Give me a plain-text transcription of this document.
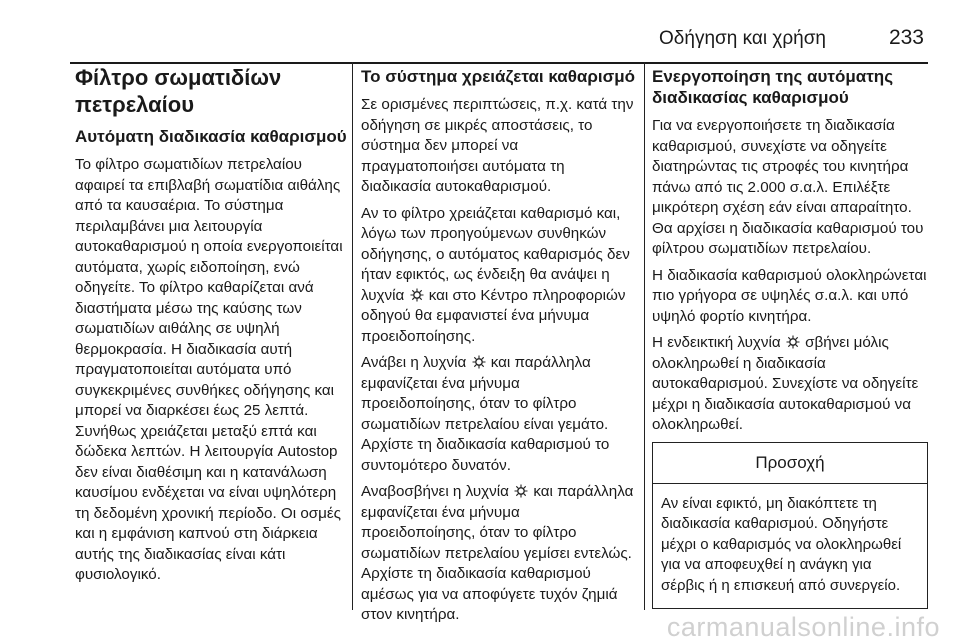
Οδήγηση και χρήση	233
Φίλτρο σωματιδίων
πετρελαίου
Αυτόματη διαδικασία καθαρισμού

Το φίλτρο σωματιδίων πετρελαίου αφαιρεί τα επιβλαβή σωματίδια αιθάλης από τα καυσαέρια. Το σύστημα περιλαμβάνει μια λειτουργία αυτοκαθαρισμού η οποία ενεργοποιείται αυτόματα, χωρίς ειδοποίηση, ενώ οδηγείτε. Το φίλτρο καθαρίζεται ανά διαστήματα μέσω της καύσης των σωματιδίων αιθάλης σε υψηλή θερμοκρασία. Η διαδικασία αυτή πραγματοποιείται αυτόματα υπό συγκεκριμένες συνθήκες οδήγησης και μπορεί να διαρκέσει έως 25 λεπτά. Συνήθως χρειάζεται μεταξύ επτά και δώδεκα λεπτών. Η λειτουργία Autostop δεν είναι διαθέσιμη και η κατανάλωση καυσίμου ενδέχεται να είναι υψηλότερη τη δεδομένη χρονική περίοδο. Οι οσμές και η εμφάνιση καπνού στη διάρκεια αυτής της διαδικασίας είναι κάτι φυσιολογικό.

Το σύστημα χρειάζεται καθαρισμό

Σε ορισμένες περιπτώσεις, π.χ. κατά την οδήγηση σε μικρές αποστάσεις, το σύστημα δεν μπορεί να πραγματοποιήσει αυτόματα τη διαδικασία αυτοκαθαρισμού.

Αν το φίλτρο χρειάζεται καθαρισμό και, λόγω των προηγούμενων συνθηκών οδήγησης, ο αυτόματος καθαρισμός δεν ήταν εφικτός, ως ένδειξη θα ανάψει η λυχνία και στο Κέντρο πληροφοριών οδηγού θα εμφανιστεί ένα μήνυμα προειδοποίησης.

Ανάβει η λυχνία και παράλληλα εμφανίζεται ένα μήνυμα προειδοποίησης, όταν το φίλτρο σωματιδίων πετρελαίου είναι γεμάτο. Αρχίστε τη διαδικασία καθαρισμού το συντομότερο δυνατόν.

Αναβοσβήνει η λυχνία και παράλληλα εμφανίζεται ένα μήνυμα προειδοποίησης, όταν το φίλτρο σωματιδίων πετρελαίου γεμίσει εντελώς. Αρχίστε τη διαδικασία καθαρισμού αμέσως για να αποφύγετε τυχόν ζημιά στον κινητήρα.

Ενεργοποίηση της αυτόματης
διαδικασίας καθαρισμού

Για να ενεργοποιήσετε τη διαδικασία καθαρισμού, συνεχίστε να οδηγείτε διατηρώντας τις στροφές του κινητήρα πάνω από τις 2.000 σ.α.λ. Επιλέξτε μικρότερη σχέση εάν είναι απαραίτητο. Θα αρχίσει η διαδικασία καθαρισμού του φίλτρου σωματιδίων πετρελαίου.

Η διαδικασία καθαρισμού ολοκληρώνεται πιο γρήγορα σε υψηλές σ.α.λ. και υπό υψηλό φορτίο κινητήρα.

Η ενδεικτική λυχνία σβήνει μόλις ολοκληρωθεί η διαδικασία αυτοκαθαρισμού. Συνεχίστε να οδηγείτε μέχρι η διαδικασία αυτοκαθαρισμού να ολοκληρωθεί.

Προσοχή

Αν είναι εφικτό, μη διακόπτετε τη διαδικασία καθαρισμού. Οδηγήστε μέχρι ο καθαρισμός να ολοκληρωθεί για να αποφευχθεί η ανάγκη για σέρβις ή η επισκευή από συνεργείο.

carmanualsonline.info
